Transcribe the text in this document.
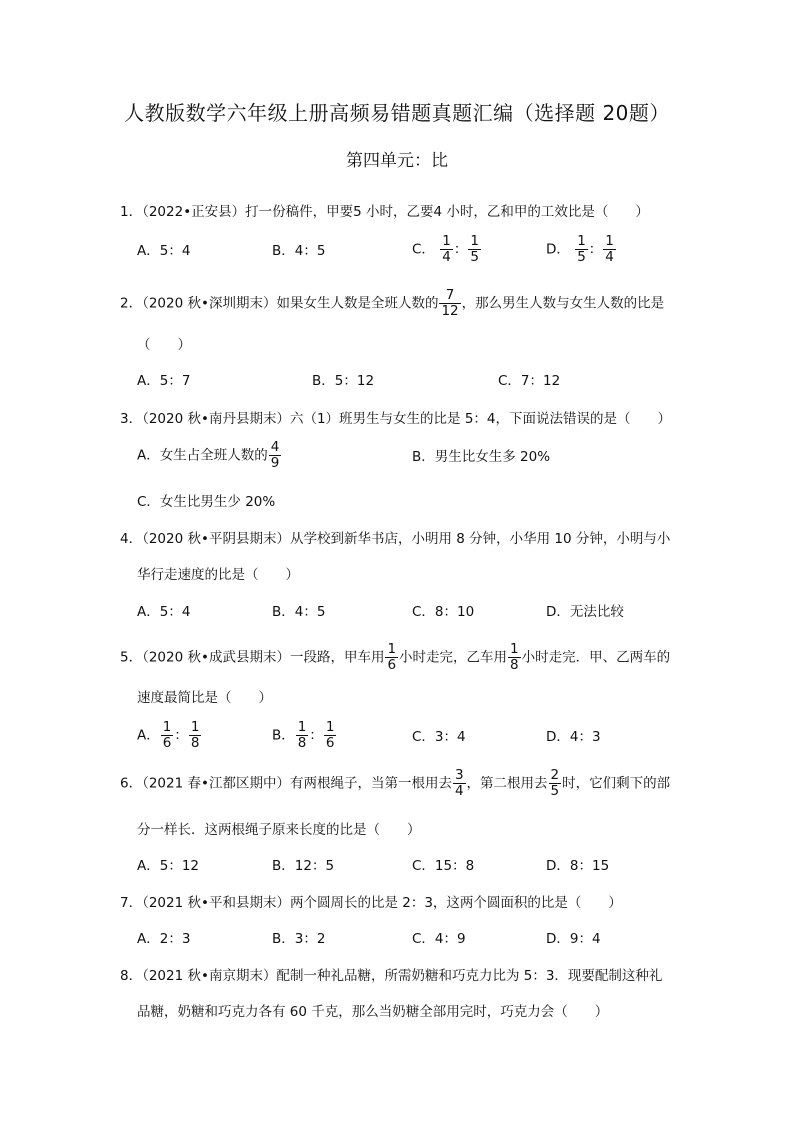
人教版数学六年级上册高频易错题真题汇编（选择题 20题）
第四单元：比
1．（2022•正安县）打一份稿件，甲要5 小时，乙要4 小时，乙和甲的工效比是（　　）
A．5：4	B．4：5	C． $\frac{1}{4}$ ： $\frac{1}{5}$	D． $\frac{1}{5}$ ： $\frac{1}{4}$
2．（2020 秋•深圳期末）如果女生人数是全班人数的 $\frac{7}{12}$ ，那么男生人数与女生人数的比是
（　　）
A．5：7	B．5：12	C．7：12
3．（2020 秋•南丹县期末）六（1）班男生与女生的比是 5：4，下面说法错误的是（　　）
A．女生占全班人数的 $\frac{4}{9}$	B．男生比女生多 20%
C．女生比男生少 20%
4．（2020 秋•平阴县期末）从学校到新华书店，小明用 8 分钟，小华用 10 分钟，小明与小
华行走速度的比是（　　）
A．5：4	B．4：5	C．8：10	D．无法比较
5．（2020 秋•成武县期末）一段路，甲车用 $\frac{1}{6}$ 小时走完，乙车用 $\frac{1}{8}$ 小时走完．甲、乙两车的
速度最简比是（　　）
A． $\frac{1}{6}$ ： $\frac{1}{8}$	B． $\frac{1}{8}$ ： $\frac{1}{6}$	C．3：4	D．4：3
6．（2021 春•江都区期中）有两根绳子，当第一根用去 $\frac{3}{4}$ ，第二根用去 $\frac{2}{5}$ 时，它们剩下的部
分一样长．这两根绳子原来长度的比是（　　）
A．5：12	B．12：5	C．15：8	D．8：15
7．（2021 秋•平和县期末）两个圆周长的比是 2：3，这两个圆面积的比是（　　）
A．2：3	B．3：2	C．4：9	D．9：4
8．（2021 秋•南京期末）配制一种礼品糖，所需奶糖和巧克力比为 5：3．现要配制这种礼
品糖，奶糖和巧克力各有 60 千克，那么当奶糖全部用完时，巧克力会（　　）
